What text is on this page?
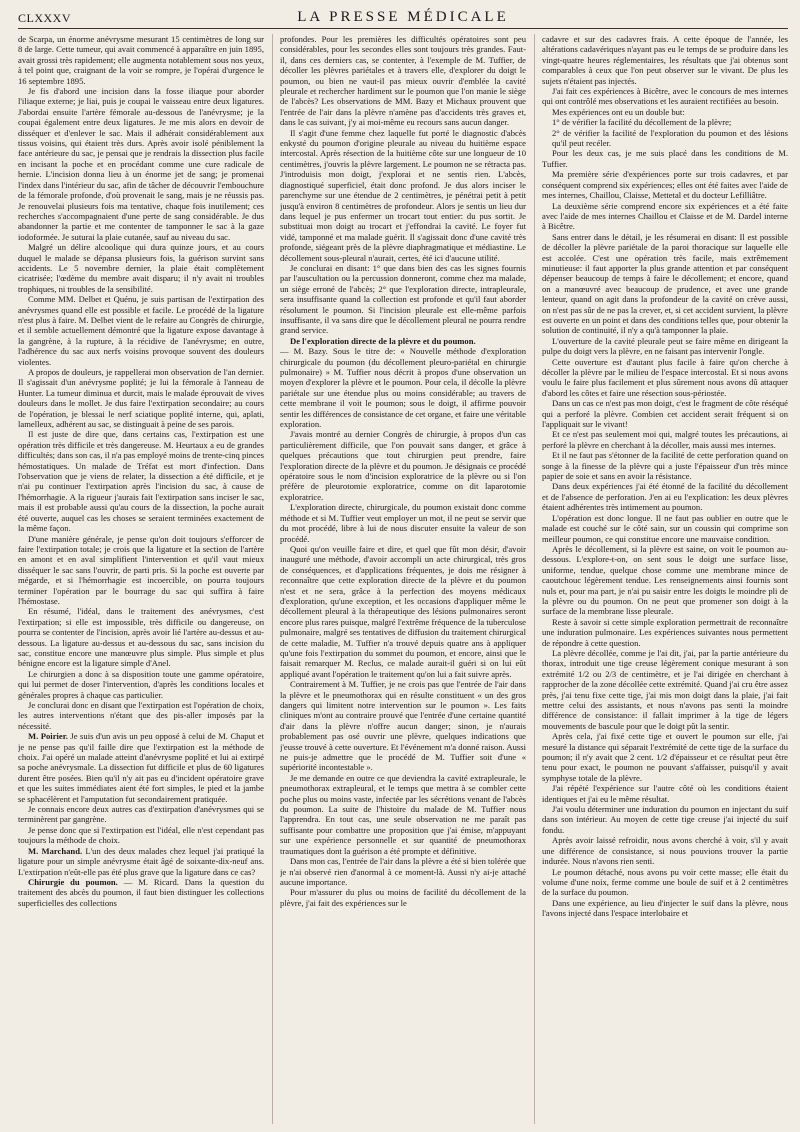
CLXXXV	LA PRESSE MÉDICALE

de Scarpa, un énorme anévrysme mesurant 15 centimètres de long sur 8 de large. Cette tumeur, qui avait commencé à apparaître en juin 1895, avait grossi très rapidement; elle augmenta notablement sous nos yeux, à tel point que, craignant de la voir se rompre, je l'opérai d'urgence le 16 septembre 1895.

Je fis d'abord une incision dans la fosse iliaque pour aborder l'iliaque externe; je liai, puis je coupai le vaisseau entre deux ligatures. J'abordai ensuite l'artère fémorale au-dessous de l'anévrysme; je la coupai également entre deux ligatures. Je me mis alors en devoir de disséquer et d'enlever le sac. Mais il adhérait considérablement aux tissus voisins, qui étaient très durs. Après avoir isolé péniblement la face antérieure du sac, je pensai que je rendrais la dissection plus facile en incisant la poche et en procédant comme une cure radicale de hernie. L'incision donna lieu à un énorme jet de sang; je promenai l'index dans l'intérieur du sac, afin de tâcher de découvrir l'embouchure de la fémorale profonde, d'où provenait le sang, mais je ne réussis pas. Je renouvelai plusieurs fois ma tentative, chaque fois inutilement; ces recherches s'accompagnaient d'une perte de sang considérable. Je dus abandonner la partie et me contenter de tamponner le sac à la gaze iodoformée. Je suturai la plaie cutanée, sauf au niveau du sac.

Malgré un délire alcoolique qui dura quinze jours, et au cours duquel le malade se dépansa plusieurs fois, la guérison survint sans accidents. Le 5 novembre dernier, la plaie était complètement cicatrisée; l'œdème du membre avait disparu; il n'y avait ni troubles trophiques, ni troubles de la sensibilité.

Comme MM. Delbet et Quénu, je suis partisan de l'extirpation des anévrysmes quand elle est possible et facile. Le procédé de la ligature n'est plus à faire. M. Delbet vient de le refaire au Congrès de chirurgie, et il semble actuellement démontré que la ligature expose davantage à la gangrène, à la rupture, à la récidive de l'anévrysme; en outre, l'adhérence du sac aux nerfs voisins provoque souvent des douleurs violentes.

A propos de douleurs, je rappellerai mon observation de l'an dernier. Il s'agissait d'un anévrysme poplité; je lui la fémorale à l'anneau de Hunter. La tumeur diminua et durcit, mais le malade éprouvait de vives douleurs dans le mollet. Je dus faire l'extirpation secondaire; au cours de l'opération, je blessai le nerf sciatique poplité interne, qui, aplati, lamelleux, adhérent au sac, se distinguait à peine de ses parois.

Il est juste de dire que, dans certains cas, l'extirpation est une opération très difficile et très dangereuse. M. Heurtaux a eu de grandes difficultés; dans son cas, il n'a pas employé moins de trente-cinq pinces hémostatiques. Un malade de Tréfat est mort d'infection. Dans l'observation que je viens de relater, la dissection a été difficile, et je n'ai pu continuer l'extirpation après l'incision du sac, à cause de l'hémorrhagie. A la rigueur j'aurais fait l'extirpation sans inciser le sac, mais il est probable aussi qu'au cours de la dissection, la poche aurait été ouverte, auquel cas les choses se seraient terminées exactement de la même façon.

D'une manière générale, je pense qu'on doit toujours s'efforcer de faire l'extirpation totale; je crois que la ligature et la section de l'artère en amont et en aval simplifient l'intervention et qu'il vaut mieux disséquer le sac sans l'ouvrir, de parti pris. Si la poche est ouverte par mégarde, et si l'hémorrhagie est incoercible, on pourra toujours terminer l'opération par le bourrage du sac qui suffira à faire l'hémostase.

En résumé, l'idéal, dans le traitement des anévrysmes, c'est l'extirpation; si elle est impossible, très difficile ou dangereuse, on pourra se contenter de l'incision, après avoir lié l'artère au-dessus et au-dessous. La ligature au-dessus et au-dessous du sac, sans incision du sac, constitue encore une manœuvre plus simple. Plus simple et plus bénigne encore est la ligature simple d'Anel.

Le chirurgien a donc à sa disposition toute une gamme opératoire, qui lui permet de doser l'intervention, d'après les conditions locales et générales propres à chaque cas particulier.

Je conclurai donc en disant que l'extirpation est l'opération de choix, les autres interventions n'étant que des pis-aller imposés par la nécessité.

M. Poirier. Je suis d'un avis un peu opposé à celui de M. Chaput et je ne pense pas qu'il faille dire que l'extirpation est la méthode de choix. J'ai opéré un malade atteint d'anévrysme poplité et lui ai extirpé sa poche anévrysmale. La dissection fut difficile et plus de 60 ligatures durent être posées. Bien qu'il n'y ait pas eu d'incident opératoire grave et que les suites immédiates aient été fort simples, le pied et la jambe se sphacélèrent et l'amputation fut secondairement pratiquée.

Je connais encore deux autres cas d'extirpation d'anévrysmes qui se terminèrent par gangrène.

Je pense donc que si l'extirpation est l'idéal, elle n'est cependant pas toujours la méthode de choix.

M. Marchand. L'un des deux malades chez lequel j'ai pratiqué la ligature pour un simple anévrysme était âgé de soixante-dix-neuf ans. L'extirpation n'eût-elle pas été plus grave que la ligature dans ce cas?

Chirurgie du poumon. — M. Ricard. Dans la question du traitement des abcès du poumon, il faut bien distinguer les collections superficielles des collections

profondes. Pour les premières les difficultés opératoires sont peu considérables, pour les secondes elles sont toujours très grandes. Faut-il, dans ces derniers cas, se contenter, à l'exemple de M. Tuffier, de décoller les plèvres pariétales et à travers elle, d'explorer du doigt le poumon, ou bien ne vaut-il pas mieux ouvrir d'emblée la cavité pleurale et rechercher hardiment sur le poumon que l'on manie le siège de l'abcès? Les observations de MM. Bazy et Michaux prouvent que l'entrée de l'air dans la plèvre n'amène pas d'accidents très graves et, dans le cas suivant, j'y ai moi-même eu recours sans aucun danger.

Il s'agit d'une femme chez laquelle fut porté le diagnostic d'abcès enkysté du poumon d'origine pleurale au niveau du huitième espace intercostal. Après résection de la huitième côte sur une longueur de 10 centimètres, j'ouvris la plèvre largement. Le poumon ne se rétracta pas. J'introduisis mon doigt, j'explorai et ne sentis rien. L'abcès, diagnostiqué superficiel, était donc profond. Je dus alors inciser le parenchyme sur une étendue de 2 centimètres, je pénétrai petit à petit jusqu'à environ 8 centimètres de profondeur. Alors je sentis un lieu dur dans lequel je pus enfermer un trocart tout entier: du pus sortit. Je substituai mon doigt au trocart et j'effondrai la cavité. Le foyer fut vidé, tamponné et ma malade guérit. Il s'agissait donc d'une cavité très profonde, siégeant près de la plèvre diaphragmatique et médiastine. Le décollement sous-pleural n'aurait, certes, été ici d'aucune utilité.

Je conclurai en disant: 1° que dans bien des cas les signes fournis par l'auscultation ou la percussion donneront, comme chez ma malade, un siège erroné de l'abcès; 2° que l'exploration directe, intrapleurale, sera insuffisante quand la collection est profonde et qu'il faut aborder résolument le poumon. Si l'incision pleurale est elle-même parfois insuffisante, il va sans dire que le décollement pleural ne pourra rendre grand service.

De l'exploration directe de la plèvre et du poumon.
— M. Bazy. Sous le titre de: « Nouvelle méthode d'exploration chirurgicale du poumon (du décollement pleuro-pariétal en chirurgie pulmonaire) » M. Tuffier nous décrit à propos d'une observation un moyen d'explorer la plèvre et le poumon. Pour cela, il décolle la plèvre pariétale sur une étendue plus ou moins considérable; au travers de cette membrane il voit le poumon; sous le doigt, il affirme pouvoir sentir les différences de consistance de cet organe, et faire une véritable exploration.

J'avais montré au dernier Congrès de chirurgie, à propos d'un cas particulièrement difficile, que l'on pouvait sans danger, et grâce à quelques précautions que tout chirurgien peut prendre, faire l'exploration directe de la plèvre et du poumon. Je désignais ce procédé opératoire sous le nom d'incision exploratrice de la plèvre ou si l'on préfère de pleurotomie exploratrice, comme on dit laparotomie exploratrice.

L'exploration directe, chirurgicale, du poumon existait donc comme méthode et si M. Tuffier veut employer un mot, il ne peut se servir que du mot procédé, libre à lui de nous discuter ensuite la valeur de son procédé.

Quoi qu'on veuille faire et dire, et quel que fût mon désir, d'avoir inauguré une méthode, d'avoir accompli un acte chirurgical, très gros de conséquences, et d'applications fréquentes, je dois me résigner à reconnaître que cette exploration directe de la plèvre et du poumon n'est et ne sera, grâce à la perfection des moyens médicaux d'exploration, qu'une exception, et les occasions d'appliquer même le décollement pleural à la thérapeutique des lésions pulmonaires seront encore plus rares puisque, malgré l'extrême fréquence de la tuberculose pulmonaire, malgré ses tentatives de diffusion du traitement chirurgical de cette maladie, M. Tuffier n'a trouvé depuis quatre ans à appliquer qu'une fois l'extirpation du sommet du poumon, et encore, ainsi que le faisait remarquer M. Reclus, ce malade aurait-il guéri si on lui eût appliqué avant l'opération le traitement qu'on lui a fait suivre après.

Contrairement à M. Tuffier, je ne crois pas que l'entrée de l'air dans la plèvre et le pneumothorax qui en résulte constituent « un des gros dangers qui limitent notre intervention sur le poumon ». Les faits cliniques m'ont au contraire prouvé que l'entrée d'une certaine quantité d'air dans la plèvre n'offre aucun danger; sinon, je n'aurais probablement pas osé ouvrir une plèvre, quelques indications que j'eusse trouvé à cette ouverture. Et l'événement m'a donné raison. Aussi ne puis-je admettre que le procédé de M. Tuffier soit d'une « supériorité incontestable ».

Je me demande en outre ce que deviendra la cavité extrapleurale, le pneumothorax extrapleural, et le temps que mettra à se combler cette poche plus ou moins vaste, infectée par les sécrétions venant de l'abcès du poumon. La suite de l'histoire du malade de M. Tuffier nous l'apprendra. En tout cas, une seule observation ne me paraît pas suffisante pour combattre une proposition que j'ai émise, m'appuyant sur une expérience personnelle et sur quantité de pneumothorax traumatiques dont la guérison a été prompte et définitive.

Dans mon cas, l'entrée de l'air dans la plèvre a été si bien tolérée que je n'ai observé rien d'anormal à ce moment-là. Aussi n'y ai-je attaché aucune importance.

Pour m'assurer du plus ou moins de facilité du décollement de la plèvre, j'ai fait des expériences sur le

cadavre et sur des cadavres frais. A cette époque de l'année, les altérations cadavériques n'ayant pas eu le temps de se produire dans les vingt-quatre heures réglementaires, les résultats que j'ai obtenus sont comparables à ceux que l'on peut observer sur le vivant. De plus les sujets n'étaient pas injectés.

J'ai fait ces expériences à Bicêtre, avec le concours de mes internes qui ont contrôlé mes observations et les auraient rectifiées au besoin.

Mes expériences ont eu un double but:

1° de vérifier la facilité du décollement de la plèvre;

2° de vérifier la facilité de l'exploration du poumon et des lésions qu'il peut recéler.

Pour les deux cas, je me suis placé dans les conditions de M. Tuffier.

Ma première série d'expériences porte sur trois cadavres, et par conséquent comprend six expériences; elles ont été faites avec l'aide de mes internes, Chaillou, Claisse, Mettetal et du docteur Lefilliâtre.

La deuxième série comprend encore six expériences et a été faite avec l'aide de mes internes Chaillou et Claisse et de M. Dardel interne à Bicêtre.

Sans entrer dans le détail, je les résumerai en disant: Il est possible de décoller la plèvre pariétale de la paroi thoracique sur laquelle elle est accolée. C'est une opération très facile, mais extrêmement minutieuse: il faut apporter la plus grande attention et par conséquent dépenser beaucoup de temps à faire le décollement; et encore, quand on a manœuvré avec beaucoup de prudence, et avec une grande lenteur, quand on agit dans la profondeur de la cavité on crève aussi, on n'est pas sûr de ne pas la crever, et, si cet accident survient, la plèvre est ouverte en un point et dans des conditions telles que, pour obtenir la solution de continuité, il n'y a qu'à tamponner la plaie.

L'ouverture de la cavité pleurale peut se faire même en dirigeant la pulpe du doigt vers la plèvre, en ne faisant pas intervenir l'ongle.

Cette ouverture est d'autant plus facile à faire qu'on cherche à décoller la plèvre par le milieu de l'espace intercostal. Et si nous avons voulu le faire plus facilement et plus sûrement nous avons dû attaquer d'abord les côtes et faire une résection sous-périostée.

Dans un cas ce n'est pas mon doigt, c'est le fragment de côte réséqué qui a perforé la plèvre. Combien cet accident serait fréquent si on l'appliquait sur le vivant!

Et ce n'est pas seulement moi qui, malgré toutes les précautions, ai perforé la plèvre en cherchant à la décoller, mais aussi mes internes.

Et il ne faut pas s'étonner de la facilité de cette perforation quand on songe à la finesse de la plèvre qui a juste l'épaisseur d'un très mince papier de soie et sans en avoir la résistance.

Dans deux expériences j'ai été étonné de la facilité du décollement et de l'absence de perforation. J'en ai eu l'explication: les deux plèvres étaient adhérentes très intimement au poumon.

L'opération est donc longue. Il ne faut pas oublier en outre que le malade est couché sur le côté sain, sur un coussin qui comprime son meilleur poumon, ce qui constitue encore une mauvaise condition.

Après le décollement, si la plèvre est saine, on voit le poumon au-dessous. L'explore-t-on, on sent sous le doigt une surface lisse, uniforme, tendue, quelque chose comme une membrane mince de caoutchouc légèrement tendue. Les renseignements ainsi fournis sont nuls et, pour ma part, je n'ai pu saisir entre les doigts le moindre pli de la plèvre ou du poumon. On ne peut que promener son doigt à la surface de la membrane lisse pleurale.

Reste à savoir si cette simple exploration permettrait de reconnaître une induration pulmonaire. Les expériences suivantes nous permettent de répondre à cette question.

La plèvre décollée, comme je l'ai dit, j'ai, par la partie antérieure du thorax, introduit une tige creuse légèrement conique mesurant à son extrémité 1/2 ou 2/3 de centimètre, et je l'ai dirigée en cherchant à rapprocher de la zone décollée cette extrémité. Quand j'ai cru être assez près, j'ai tenu fixe cette tige, j'ai mis mon doigt dans la plaie, j'ai fait mettre celui des assistants, et nous n'avons pas senti la moindre différence de consistance: il fallait imprimer à la tige de légers mouvements de bascule pour que le doigt pût la sentir.

Après cela, j'ai fixé cette tige et ouvert le poumon sur elle, j'ai mesuré la distance qui séparait l'extrémité de cette tige de la surface du poumon; il n'y avait que 2 cent. 1/2 d'épaisseur et ce résultat peut être tenu pour exact, le poumon ne pouvant s'affaisser, puisqu'il y avait symphyse totale de la plèvre.

J'ai répété l'expérience sur l'autre côté où les conditions étaient identiques et j'ai eu le même résultat.

J'ai voulu déterminer une induration du poumon en injectant du suif dans son intérieur. Au moyen de cette tige creuse j'ai injecté du suif fondu.

Après avoir laissé refroidir, nous avons cherché à voir, s'il y avait une différence de consistance, si nous pouvions trouver la partie indurée. Nous n'avons rien senti.

Le poumon détaché, nous avons pu voir cette masse; elle était du volume d'une noix, ferme comme une boule de suif et à 2 centimètres de la surface du poumon.

Dans une expérience, au lieu d'injecter le suif dans la plèvre, nous l'avons injecté dans l'espace interlobaire et
